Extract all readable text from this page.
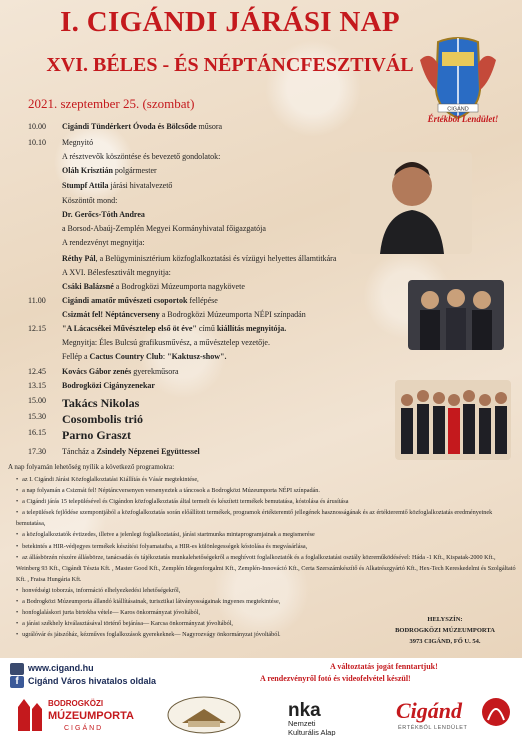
I. CIGÁNDI JÁRÁSI NAP
XVI. BÉLES - ÉS NÉPTÁNCFESZTIVÁL
2021. szeptember 25. (szombat)	CIGÁND
Értékből Lendület!
10.00 Cigándi Tündérkert Óvoda és Bölcsőde műsora
10.10 Megnyitó
A résztvevők köszöntése és bevezető gondolatok:
Oláh Krisztián polgármester
Stumpf Attila járási hivatalvezető
Köszöntőt mond:
Dr. Gerőcs-Tóth Andrea
a Borsod-Abaúj-Zemplén Megyei Kormányhivatal főigazgatója
A rendezvényt megnyitja:
Réthy Pál, a Belügyminisztérium közfoglalkoztatási és vízügyi helyettes államtitkára
A XVI. Bélesfesztivált megnyitja:
Csáki Balázsné a Bodrogközi Múzeumporta nagykövete
11.00 Cigándi amatőr művészeti csoportok fellépése
Csizmát fel! Néptáncverseny a Bodrogközi Múzeumporta NÉPI színpadán
12.15 "A Lácacsékei Művésztelep első öt éve" című kiállítás megnyitója.
Megnyitja: Éles Bulcsú grafikusművész, a művésztelep vezetője.
Fellép a Cactus Country Club: "Kaktusz-show".
12.45 Kovács Gábor zenés gyerekműsora
13.15 Bodrogközi Cigányzenekar
15.00 Takács Nikolas
15.30 Cosombolis trió
16.15 Parno Graszt
17.30 Táncház a Zsindely Népzenei Együttessel
A nap folyamán lehetőség nyílik a következő programokra:
• az I. Cigándi Járási Közfoglalkoztatási Kiállítás és Vásár megtekintése,
• a nap folyamán a Csizmát fel! Néptáncversenyen versenyeztek a táncosok a Bodrogközi Múzeumporta NÉPI színpadán.
• a Cigándi járás 15 településével és Cigándon közfoglalkoztatás által termelt és készített termékek bemutatása, kóstolása és árusítása
• a települések fejlődése szempontjából a közfoglalkoztatás során előállított termékek, programok értékteremtő jellegének hasznosságának és az értékteremtő közfoglalkoztatás eredményeinek bemutatása,
• a közfoglalkoztatók évtizedes, illetve a jelenlegi foglalkoztatási, járási startmunka mintaprogramjainak a megismerése
• betekintés a HIR-védjegyes termékek készítési folyamataiba, a HIR-es különlegességek kóstolása és megvásárlása,
• az állásbörzén részére állásbörze, tanácsadás és tájékoztatás munkalehetőségekről a meghívott foglalkoztatók és a foglalkoztatási osztály közreműködésével: Háda -1 Kft., Kispatak-2000 Kft., Weinberg 93 Kft., Cigándi Tészta Kft. , Master Good Kft., Zemplén Idegenforgalmi Kft., Zemplén-Innováció Kft., Certa Szerszámkészítő és Alkatrészgyártó Kft., Hex-Tech Kereskedelmi és Szolgáltató Kft. , Fraisa Hungária Kft.
• honvédségi toborzás, információ elhelyezkedési lehetőségekről,
• a Bodrogközi Múzeumporta állandó kiállításainak, turisztikai látványosságainak ingyenes megtekintése,
• honfoglaláskori jurta birtokba vétele— Karos önkormányzat jóvoltából,
• a járási székhely kiválasztásával történő bejárása— Karcsa önkormányzat jóvoltából,
• ugrálóvár és játszóház, kézműves foglalkozások gyerekeknek— Nagyrozvágy önkormányzat jóvoltából.
HELYSZÍN:
BODROGKÖZI MÚZEUMPORTA
3973 CIGÁND, FŐ U. 54.
f
www.cigand.hu
Cigánd Város hivatalos oldala
A változtatás jogát fenntartjuk!
A rendezvényről fotó és videofelvétel készül!
BODROGKÖZI
MÚZEUMPORTA
CIGÁND
nka
Nemzeti
Kulturális Alap
Cigánd
ÉRTÉKBŐL LENDÜLET
